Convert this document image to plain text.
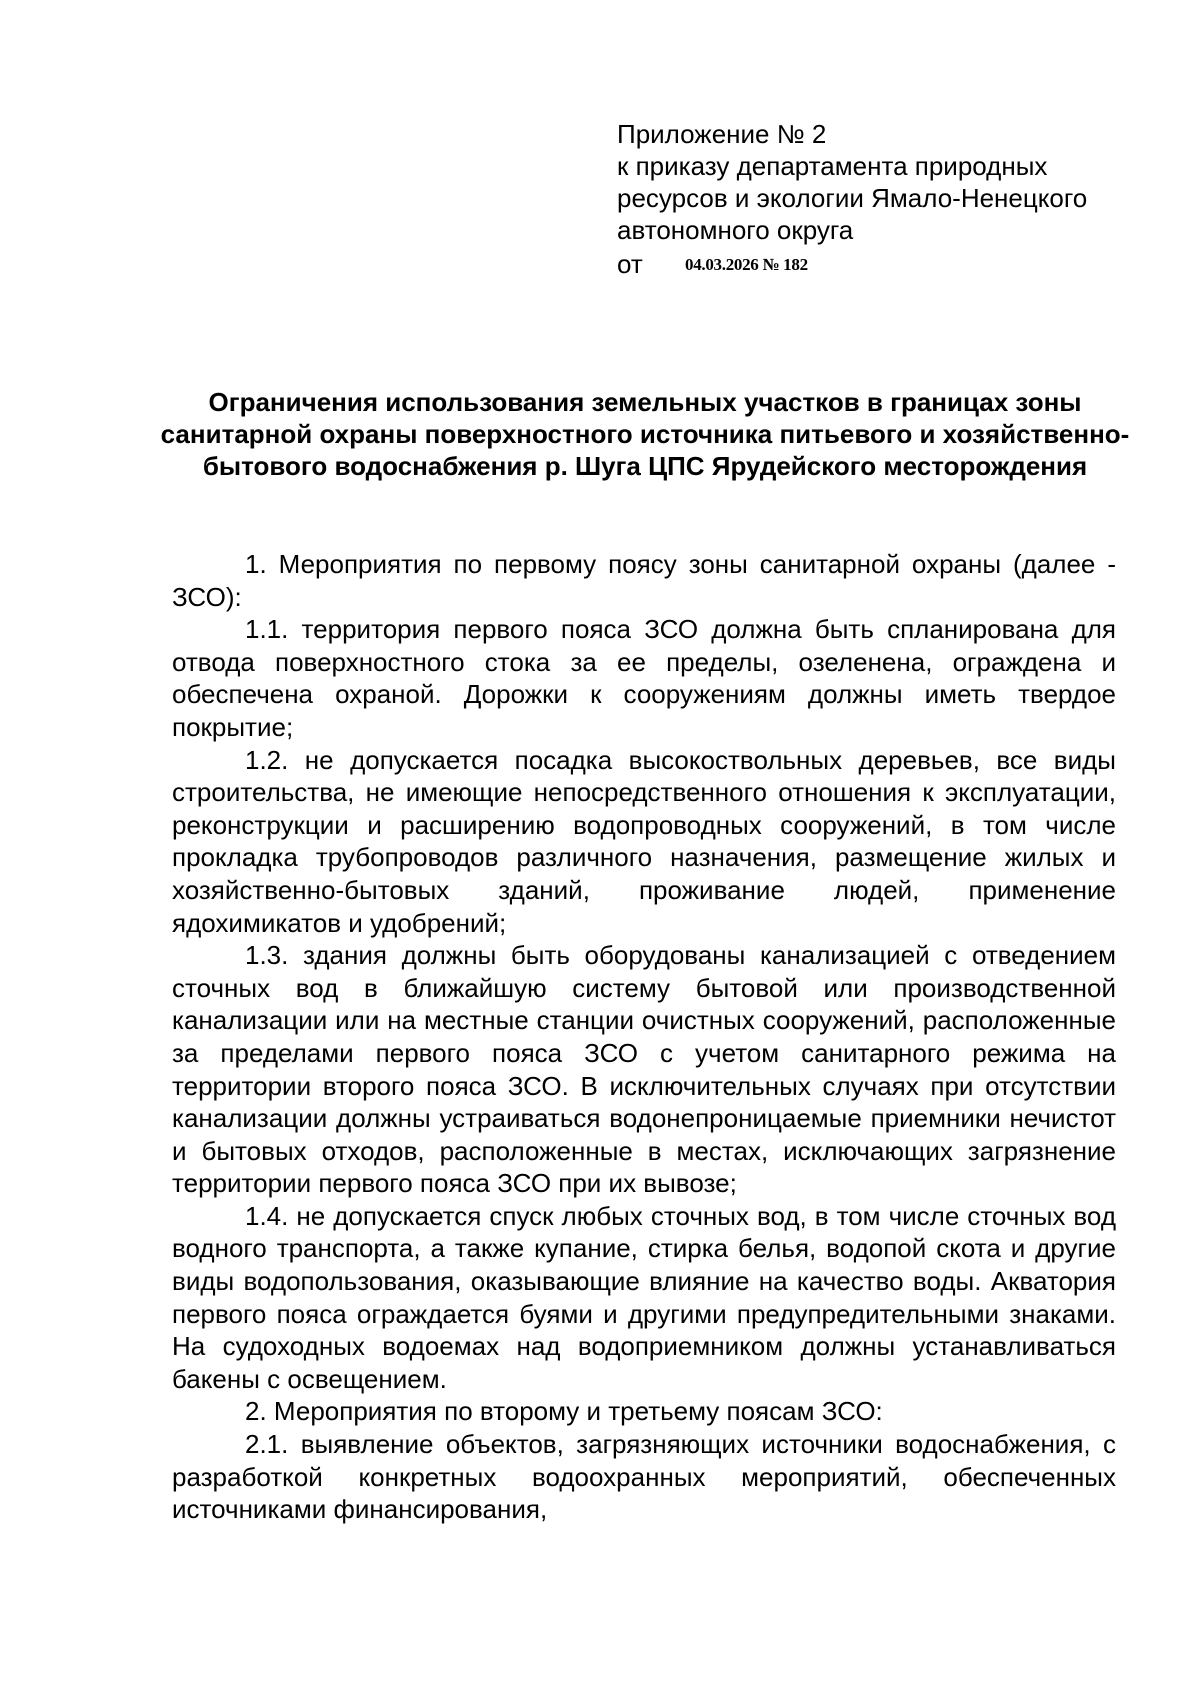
Приложение № 2
к приказу департамента природных
ресурсов и экологии Ямало-Ненецкого
автономного округа
от 04.03.2026 № 182
Ограничения использования земельных участков в границах зоны санитарной охраны поверхностного источника питьевого и хозяйственно-бытового водоснабжения р. Шуга ЦПС Ярудейского месторождения

1. Мероприятия по первому поясу зоны санитарной охраны (далее - ЗСО):

1.1. территория первого пояса ЗСО должна быть спланирована для отвода поверхностного стока за ее пределы, озеленена, ограждена и обеспечена охраной. Дорожки к сооружениям должны иметь твердое покрытие;

1.2. не допускается посадка высокоствольных деревьев, все виды строительства, не имеющие непосредственного отношения к эксплуатации, реконструкции и расширению водопроводных сооружений, в том числе прокладка трубопроводов различного назначения, размещение жилых и хозяйственно-бытовых зданий, проживание людей, применение ядохимикатов и удобрений;

1.3. здания должны быть оборудованы канализацией с отведением сточных вод в ближайшую систему бытовой или производственной канализации или на местные станции очистных сооружений, расположенные за пределами первого пояса ЗСО с учетом санитарного режима на территории второго пояса ЗСО. В исключительных случаях при отсутствии канализации должны устраиваться водонепроницаемые приемники нечистот и бытовых отходов, расположенные в местах, исключающих загрязнение территории первого пояса ЗСО при их вывозе;

1.4. не допускается спуск любых сточных вод, в том числе сточных вод водного транспорта, а также купание, стирка белья, водопой скота и другие виды водопользования, оказывающие влияние на качество воды. Акватория первого пояса ограждается буями и другими предупредительными знаками. На судоходных водоемах над водоприемником должны устанавливаться бакены с освещением.

2. Мероприятия по второму и третьему поясам ЗСО:

2.1. выявление объектов, загрязняющих источники водоснабжения, с разработкой конкретных водоохранных мероприятий, обеспеченных источниками финансирования,
